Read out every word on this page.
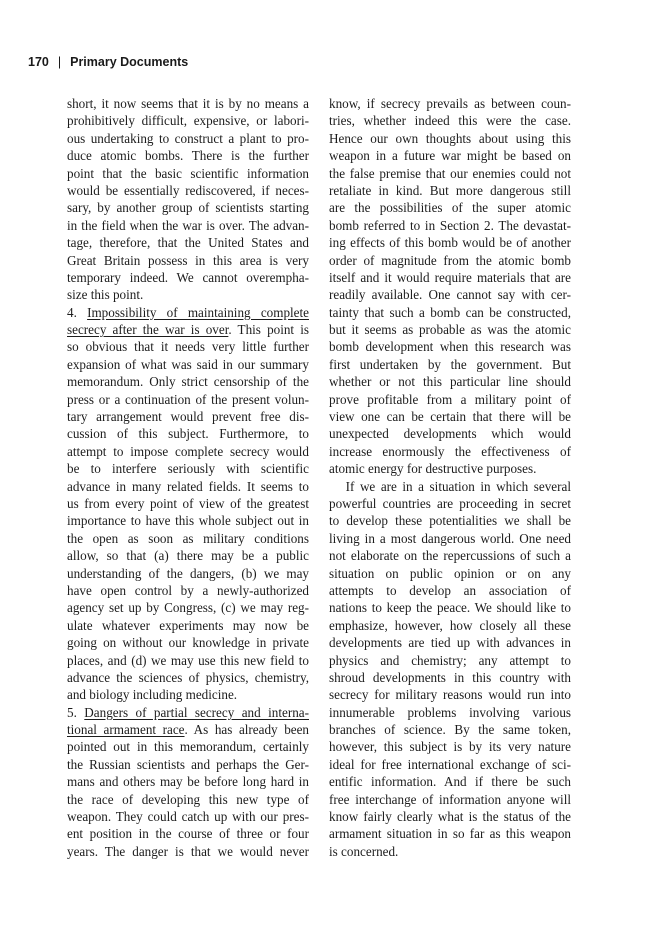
170 | Primary Documents
short, it now seems that it is by no means a
prohibitively difficult, expensive, or labori-
ous undertaking to construct a plant to pro-
duce atomic bombs. There is the further
point that the basic scientific information
would be essentially rediscovered, if neces-
sary, by another group of scientists starting
in the field when the war is over. The advan-
tage, therefore, that the United States and
Great Britain possess in this area is very
temporary indeed. We cannot overempha-
size this point.
4. Impossibility of maintaining complete
secrecy after the war is over. This point is
so obvious that it needs very little further
expansion of what was said in our summary
memorandum. Only strict censorship of the
press or a continuation of the present volun-
tary arrangement would prevent free dis-
cussion of this subject. Furthermore, to
attempt to impose complete secrecy would
be to interfere seriously with scientific
advance in many related fields. It seems to
us from every point of view of the greatest
importance to have this whole subject out in
the open as soon as military conditions
allow, so that (a) there may be a public
understanding of the dangers, (b) we may
have open control by a newly-authorized
agency set up by Congress, (c) we may reg-
ulate whatever experiments may now be
going on without our knowledge in private
places, and (d) we may use this new field to
advance the sciences of physics, chemistry,
and biology including medicine.
5. Dangers of partial secrecy and interna-
tional armament race. As has already been
pointed out in this memorandum, certainly
the Russian scientists and perhaps the Ger-
mans and others may be before long hard in
the race of developing this new type of
weapon. They could catch up with our pres-
ent position in the course of three or four
years. The danger is that we would never
know, if secrecy prevails as between coun-
tries, whether indeed this were the case.
Hence our own thoughts about using this
weapon in a future war might be based on
the false premise that our enemies could not
retaliate in kind. But more dangerous still
are the possibilities of the super atomic
bomb referred to in Section 2. The devastat-
ing effects of this bomb would be of another
order of magnitude from the atomic bomb
itself and it would require materials that are
readily available. One cannot say with cer-
tainty that such a bomb can be constructed,
but it seems as probable as was the atomic
bomb development when this research was
first undertaken by the government. But
whether or not this particular line should
prove profitable from a military point of
view one can be certain that there will be
unexpected developments which would
increase enormously the effectiveness of
atomic energy for destructive purposes.
If we are in a situation in which several
powerful countries are proceeding in secret
to develop these potentialities we shall be
living in a most dangerous world. One need
not elaborate on the repercussions of such a
situation on public opinion or on any
attempts to develop an association of
nations to keep the peace. We should like to
emphasize, however, how closely all these
developments are tied up with advances in
physics and chemistry; any attempt to
shroud developments in this country with
secrecy for military reasons would run into
innumerable problems involving various
branches of science. By the same token,
however, this subject is by its very nature
ideal for free international exchange of sci-
entific information. And if there be such
free interchange of information anyone will
know fairly clearly what is the status of the
armament situation in so far as this weapon
is concerned.
